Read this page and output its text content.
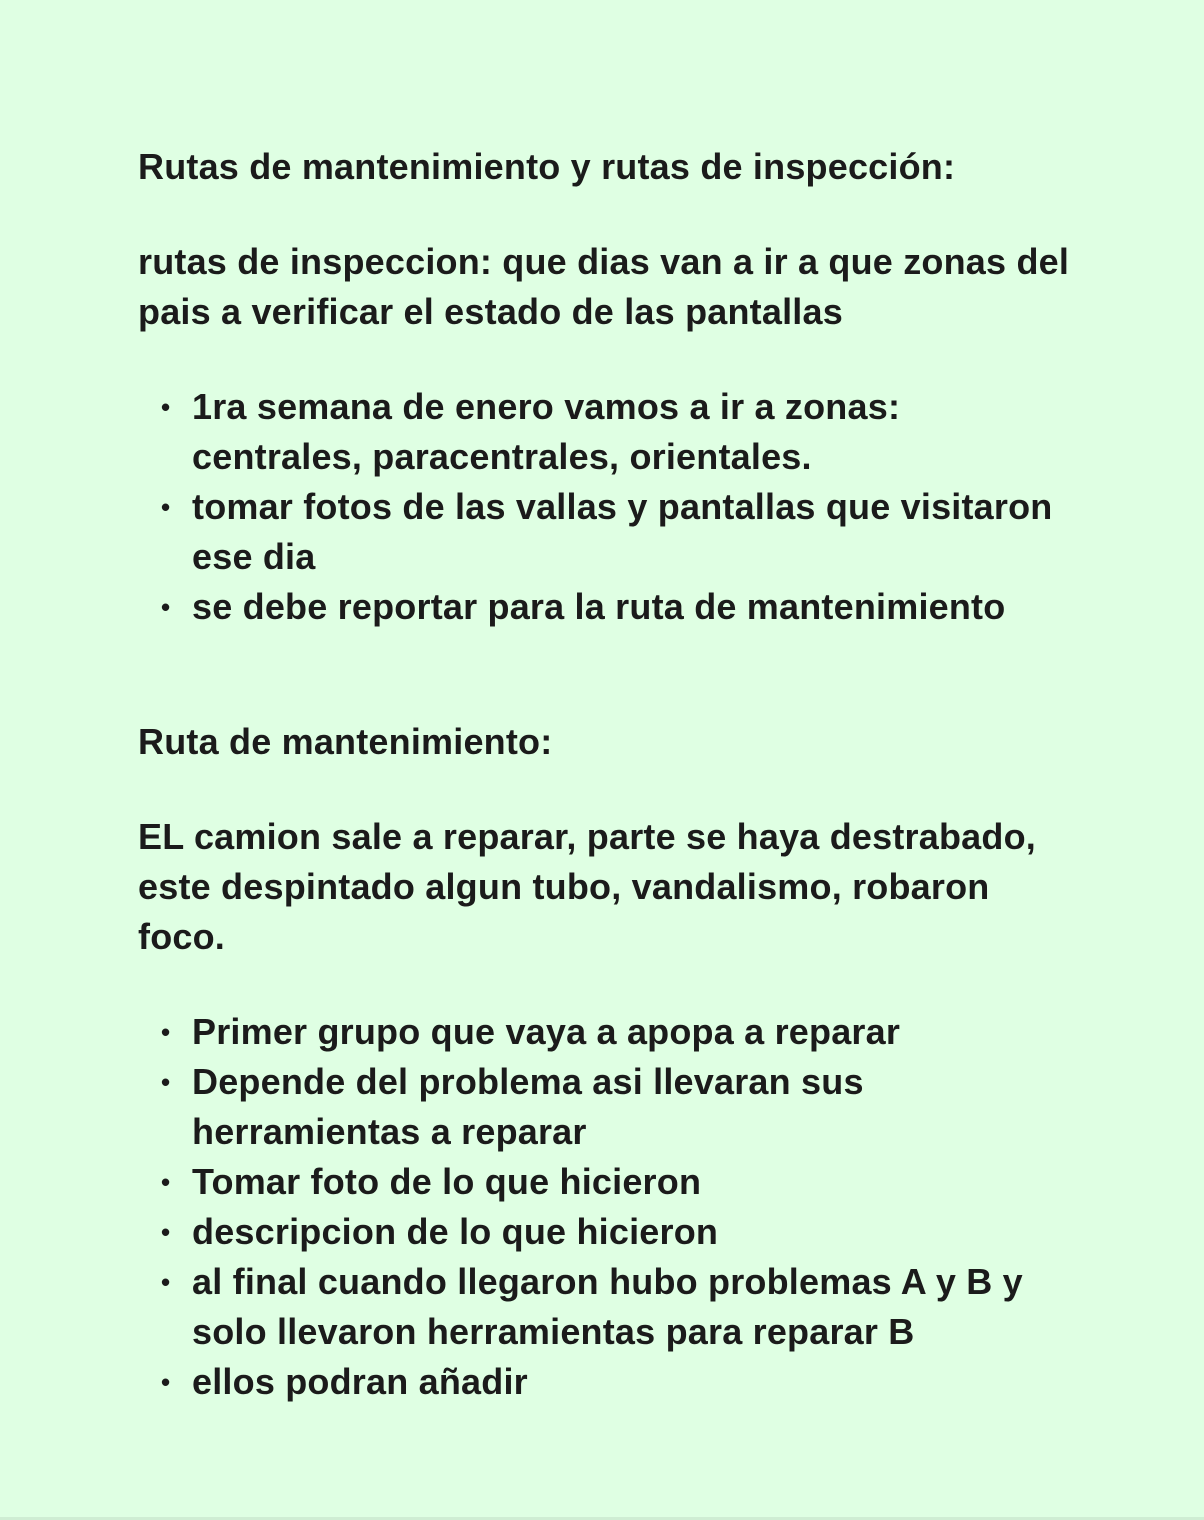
Rutas de mantenimiento y rutas de inspección:
rutas de inspeccion: que dias van a ir a que zonas del pais a verificar el estado de las pantallas
• 1ra semana de enero vamos a ir a zonas: centrales, paracentrales, orientales.
• tomar fotos de las vallas y pantallas que visitaron ese dia
• se debe reportar para la ruta de mantenimiento
Ruta de mantenimiento:
EL camion sale a reparar, parte se haya destrabado, este despintado algun tubo, vandalismo, robaron foco.
• Primer grupo que vaya a apopa a reparar
• Depende del problema asi llevaran sus herramientas a reparar
• Tomar foto de lo que hicieron
• descripcion de lo que hicieron
• al final cuando llegaron hubo problemas A y B y solo llevaron herramientas para reparar B
• ellos podran añadir
